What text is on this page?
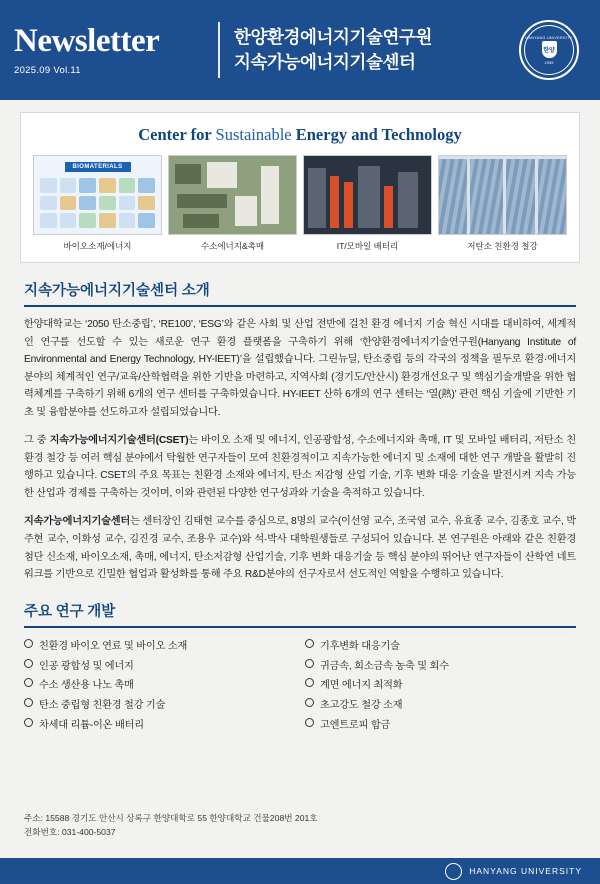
Newsletter
2025.09 Vol.11
한양환경에너지기술연구원
지속가능에너지기술센터
HANYANG UNIVERSITY
한양
1939
Center for Sustainable Energy and Technology
BIOMATERIALS
바이오소재/에너지	수소에너지&촉매	IT/모바일 배터리	저탄소 친환경 철강
지속가능에너지기술센터 소개
한양대학교는 ‘2050 탄소중립’, ‘RE100’, ‘ESG’와 같은 사회 및 산업 전반에 걸친 환경 에너지 기술 혁신 시대를 대비하여, 세계적인 연구를 선도할 수 있는 새로운 연구 환경 플랫폼을 구축하기 위해 ‘한양환경에너지기술연구원(Hanyang Institute of Environmental and Energy Technology, HY-IEET)’을 설립했습니다. 그린뉴딜, 탄소중립 등의 각국의 정책을 필두로 환경·에너지 분야의 체계적인 연구/교육/산학협력을 위한 기반을 마련하고, 지역사회 (경기도/안산시) 환경개선요구 및 핵심기술개발을 위한 협력체계를 구축하기 위해 6개의 연구 센터를 구축하였습니다. HY-IEET 산하 6개의 연구 센터는 ‘열(熱)’ 관련 핵심 기술에 기반한 기초 및 융합분야를 선도하고자 설립되었습니다.
그 중 지속가능에너지기술센터(CSET)는 바이오 소재 및 에너지, 인공광합성, 수소에너지와 촉매, IT 및 모바일 배터리, 저탄소 친환경 철강 등 여러 핵심 분야에서 탁월한 연구자들이 모여 친환경적이고 지속가능한 에너지 및 소재에 대한 연구 개발을 활발히 진행하고 있습니다. CSET의 주요 목표는 친환경 소재와 에너지, 탄소 저감형 산업 기술, 기후 변화 대응 기술을 발전시켜 지속 가능한 산업과 경제를 구축하는 것이며, 이와 관련된 다양한 연구성과와 기술을 축적하고 있습니다.
지속가능에너지기술센터는 센터장인 김태현 교수를 중심으로, 8명의 교수(이선영 교수, 조국염 교수, 유효종 교수, 김종호 교수, 박주현 교수, 이화성 교수, 김진경 교수, 조용우 교수)와 석·박사 대학원생들로 구성되어 있습니다. 본 연구원은 아래와 같은 친환경 첨단 신소재, 바이오소재, 촉매, 에너지, 탄소저감형 산업기술, 기후 변화 대응기술 등 핵심 분야의 뛰어난 연구자들이 산학연 네트워크를 기반으로 긴밀한 협업과 활성화를 통해 주요 R&D분야의 선구자로서 선도적인 역할을 수행하고 있습니다.
주요 연구 개발
친환경 바이오 연료 및 바이오 소재
인공 광합성 및 에너지
수소 생산용 나노 촉매
탄소 중립형 친환경 철강 기술
차세대 리튬-이온 배터리
기후변화 대응기술
귀금속, 희소금속 농축 및 회수
계면 에너지 최적화
초고강도 철강 소재
고엔트로피 합금
주소: 15588 경기도 안산시 상록구 한양대학로 55 한양대학교 건물208번 201호
전화번호: 031-400-5037
HANYANG UNIVERSITY
